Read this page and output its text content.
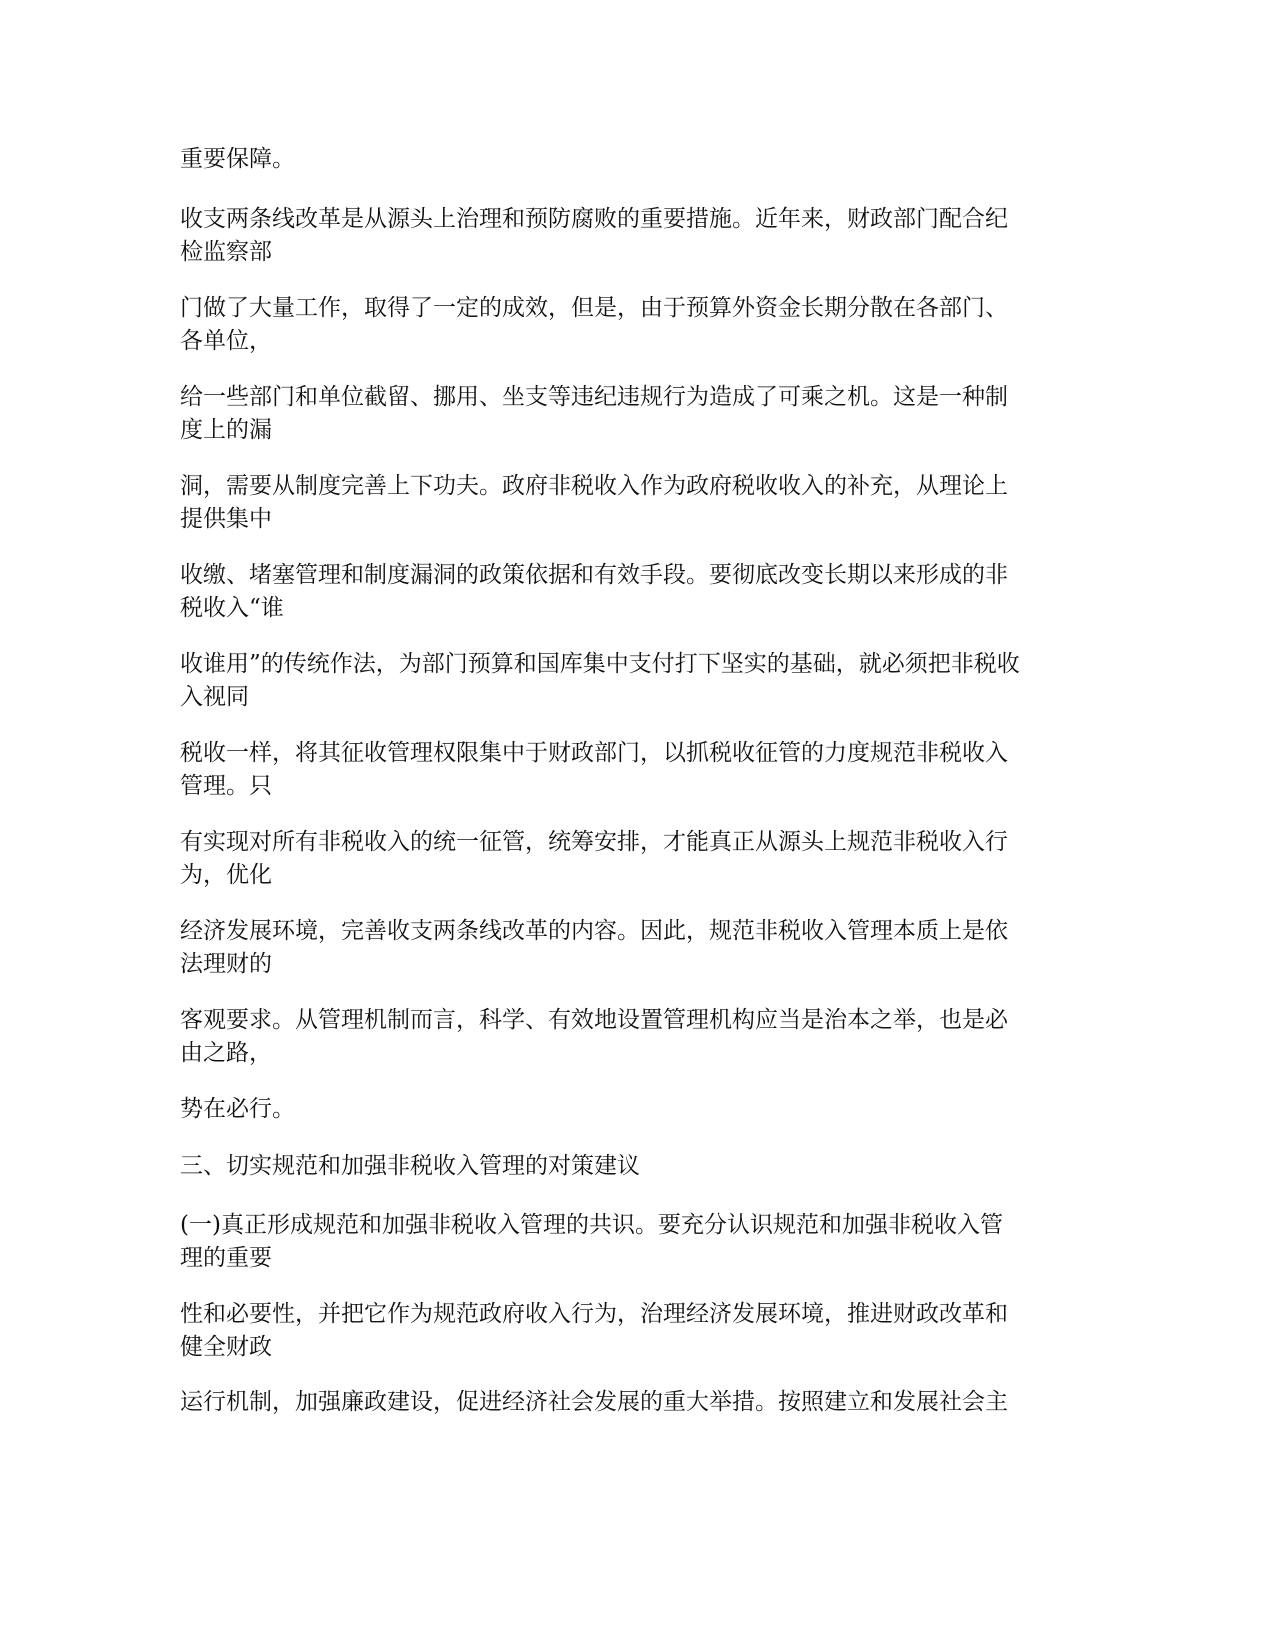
重要保障。

收支两条线改革是从源头上治理和预防腐败的重要措施。近年来，财政部门配合纪
检监察部

门做了大量工作，取得了一定的成效，但是，由于预算外资金长期分散在各部门、
各单位，

给一些部门和单位截留、挪用、坐支等违纪违规行为造成了可乘之机。这是一种制
度上的漏

洞，需要从制度完善上下功夫。政府非税收入作为政府税收收入的补充，从理论上
提供集中

收缴、堵塞管理和制度漏洞的政策依据和有效手段。要彻底改变长期以来形成的非
税收入“谁

收谁用”的传统作法，为部门预算和国库集中支付打下坚实的基础，就必须把非税收
入视同

税收一样，将其征收管理权限集中于财政部门，以抓税收征管的力度规范非税收入
管理。只

有实现对所有非税收入的统一征管，统筹安排，才能真正从源头上规范非税收入行
为，优化

经济发展环境，完善收支两条线改革的内容。因此，规范非税收入管理本质上是依
法理财的

客观要求。从管理机制而言，科学、有效地设置管理机构应当是治本之举，也是必
由之路，

势在必行。

三、切实规范和加强非税收入管理的对策建议

(一)真正形成规范和加强非税收入管理的共识。要充分认识规范和加强非税收入管
理的重要

性和必要性，并把它作为规范政府收入行为，治理经济发展环境，推进财政改革和
健全财政

运行机制，加强廉政建设，促进经济社会发展的重大举措。按照建立和发展社会主
